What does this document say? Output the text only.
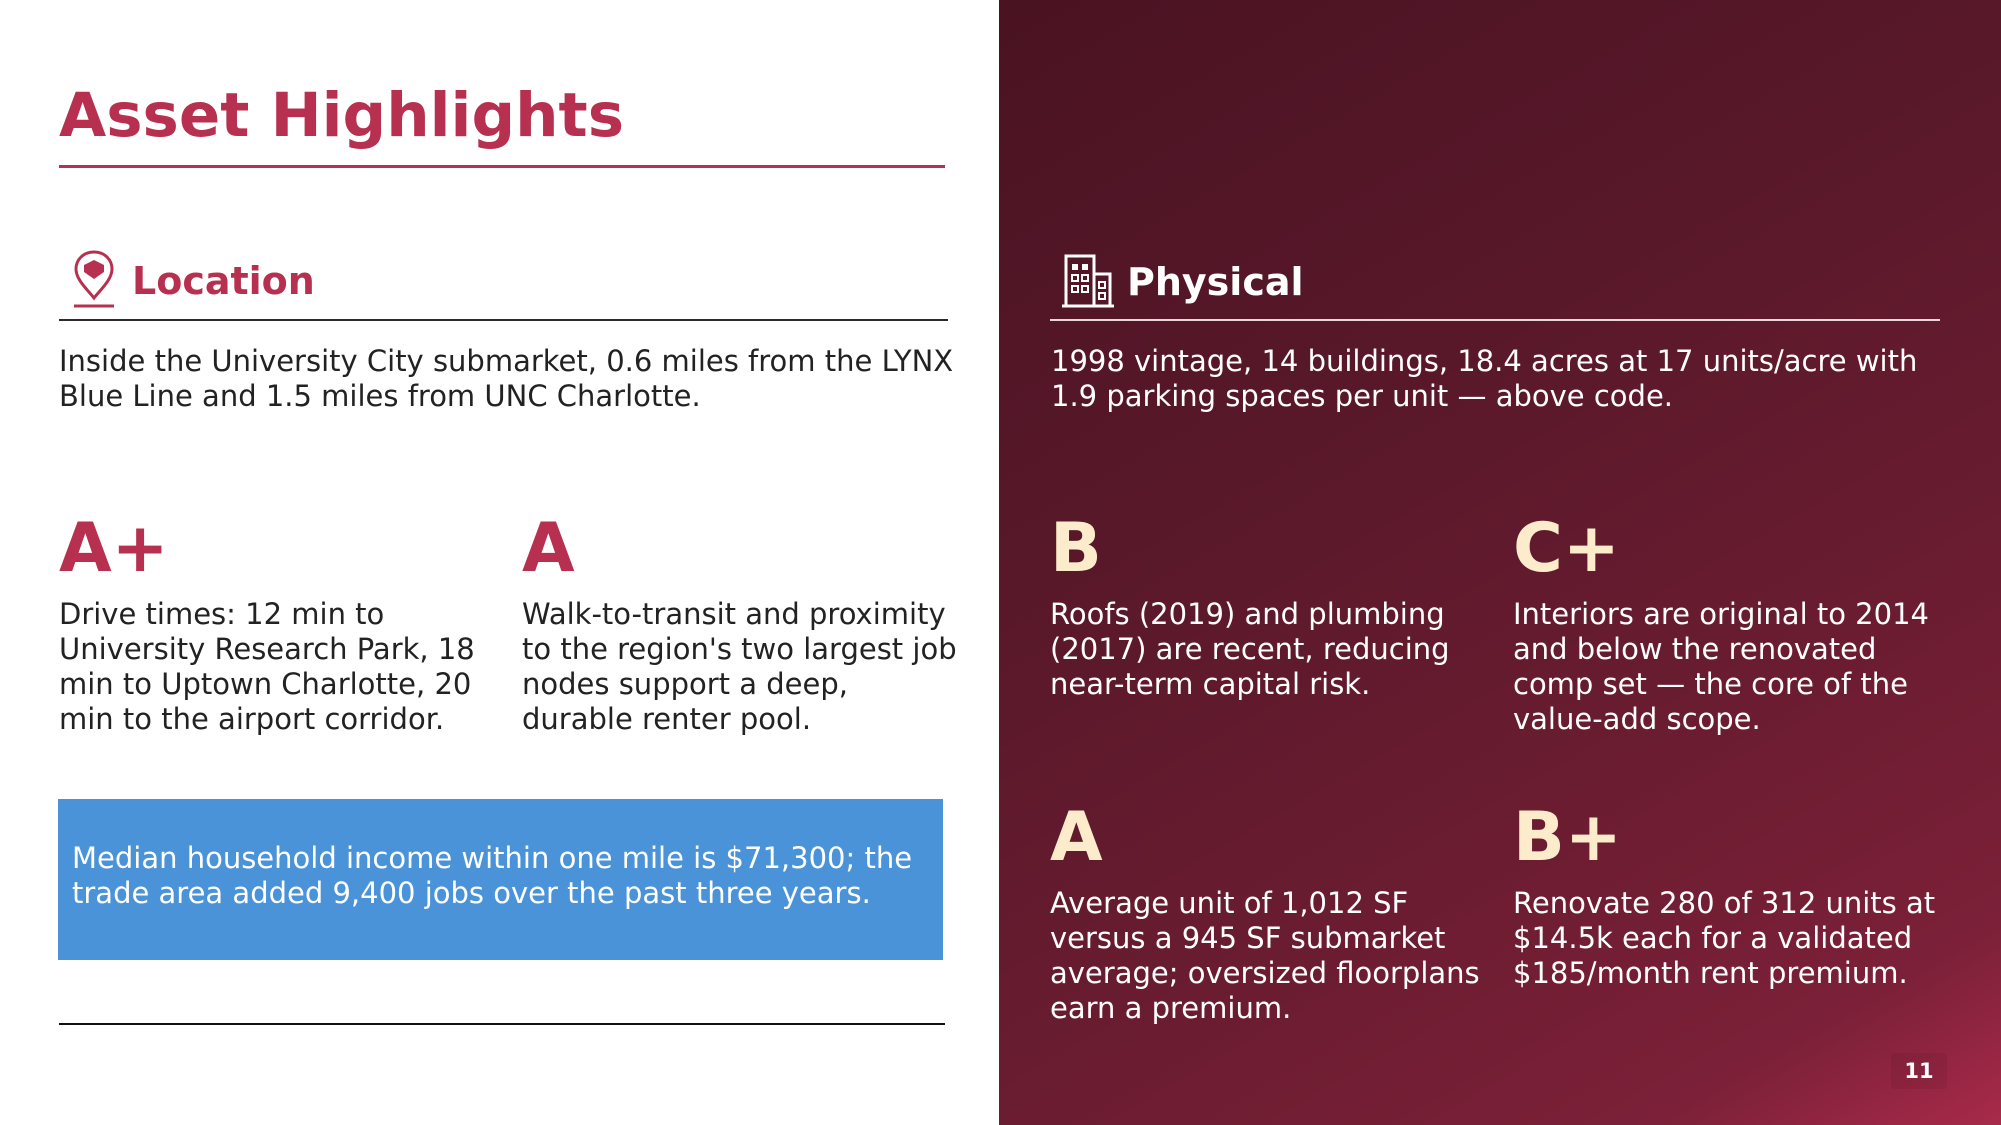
Asset Highlights
Location

Inside the University City submarket, 0.6 miles from the LYNX Blue Line and 1.5 miles from UNC Charlotte.

A+

Drive times: 12 min to University Research Park, 18 min to Uptown Charlotte, 20 min to the airport corridor.

A

Walk-to-transit and proximity to the region's two largest job nodes support a deep, durable renter pool.

Median household income within one mile is $71,300; the trade area added 9,400 jobs over the past three years.

Physical

1998 vintage, 14 buildings, 18.4 acres at 17 units/acre with 1.9 parking spaces per unit — above code.

B

Roofs (2019) and plumbing (2017) are recent, reducing near-term capital risk.

C+

Interiors are original to 2014 and below the renovated comp set — the core of the value-add scope.

A

Average unit of 1,012 SF versus a 945 SF submarket average; oversized floorplans earn a premium.

B+

Renovate 280 of 312 units at $14.5k each for a validated $185/month rent premium.

11
